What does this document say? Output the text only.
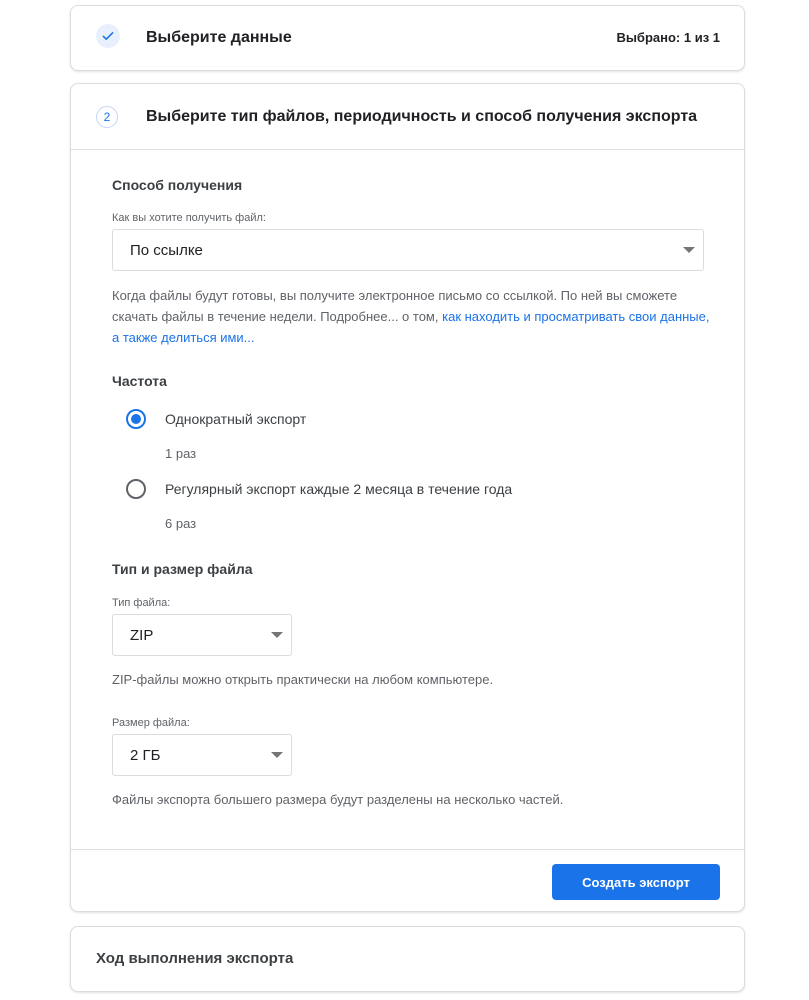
Выберите данные	Выбрано: 1 из 1
2	Выберите тип файлов, периодичность и способ получения экспорта
Способ получения
Как вы хотите получить файл:
По ссылке
Когда файлы будут готовы, вы получите электронное письмо со ссылкой. По ней вы сможете скачать файлы в течение недели. Подробнее... о том, как находить и просматривать свои данные, а также делиться ими...
Частота
Однократный экспорт
1 раз
Регулярный экспорт каждые 2 месяца в течение года
6 раз
Тип и размер файла
Тип файла:
ZIP
ZIP-файлы можно открыть практически на любом компьютере.
Размер файла:
2 ГБ
Файлы экспорта большего размера будут разделены на несколько частей.
Создать экспорт
Ход выполнения экспорта
